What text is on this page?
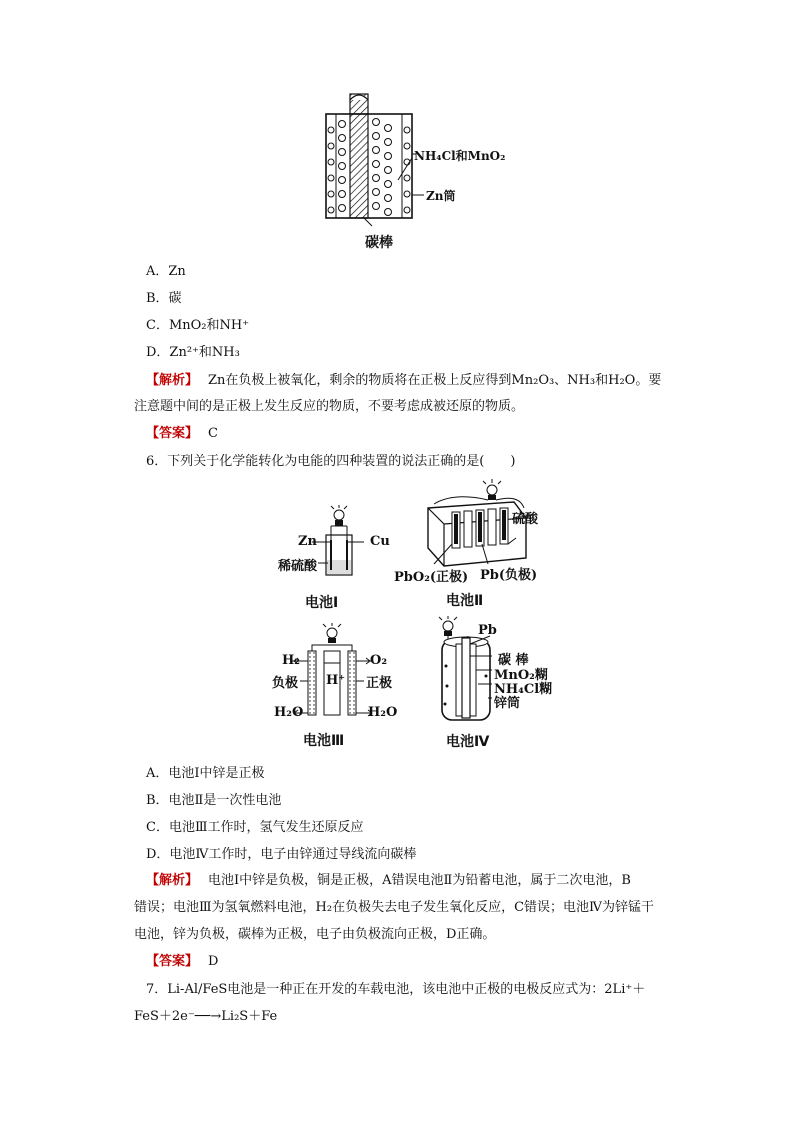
NH₄Cl和MnO₂
Zn筒
碳棒
A．Zn
B．碳
C．MnO₂和NH⁺
D．Zn²⁺和NH₃
【解析】 Zn在负极上被氧化，剩余的物质将在正极上反应得到Mn₂O₃、NH₃和H₂O。要
注意题中间的是正极上发生反应的物质，不要考虑成被还原的物质。
【答案】 C
6．下列关于化学能转化为电能的四种装置的说法正确的是(　　)
Zn	Cu
稀硫酸
电池Ⅰ
硫酸
PbO₂(正极) Pb(负极)
电池Ⅱ
H₂	O₂
负极 H⁺ 正极
H₂O	H₂O
电池Ⅲ
Pb
碳 棒
MnO₂糊
NH₄Cl糊
锌筒
电池Ⅳ
A．电池Ⅰ中锌是正极
B．电池Ⅱ是一次性电池
C．电池Ⅲ工作时，氢气发生还原反应
D．电池Ⅳ工作时，电子由锌通过导线流向碳棒
【解析】 电池Ⅰ中锌是负极，铜是正极，A错误电池Ⅱ为铅蓄电池，属于二次电池，B
错误；电池Ⅲ为氢氧燃料电池，H₂在负极失去电子发生氧化反应，C错误；电池Ⅳ为锌锰干
电池，锌为负极，碳棒为正极，电子由负极流向正极，D正确。
【答案】 D
7．Li-Al/FeS电池是一种正在开发的车载电池，该电池中正极的电极反应式为：2Li⁺＋
FeS＋2e⁻──→Li₂S＋Fe
